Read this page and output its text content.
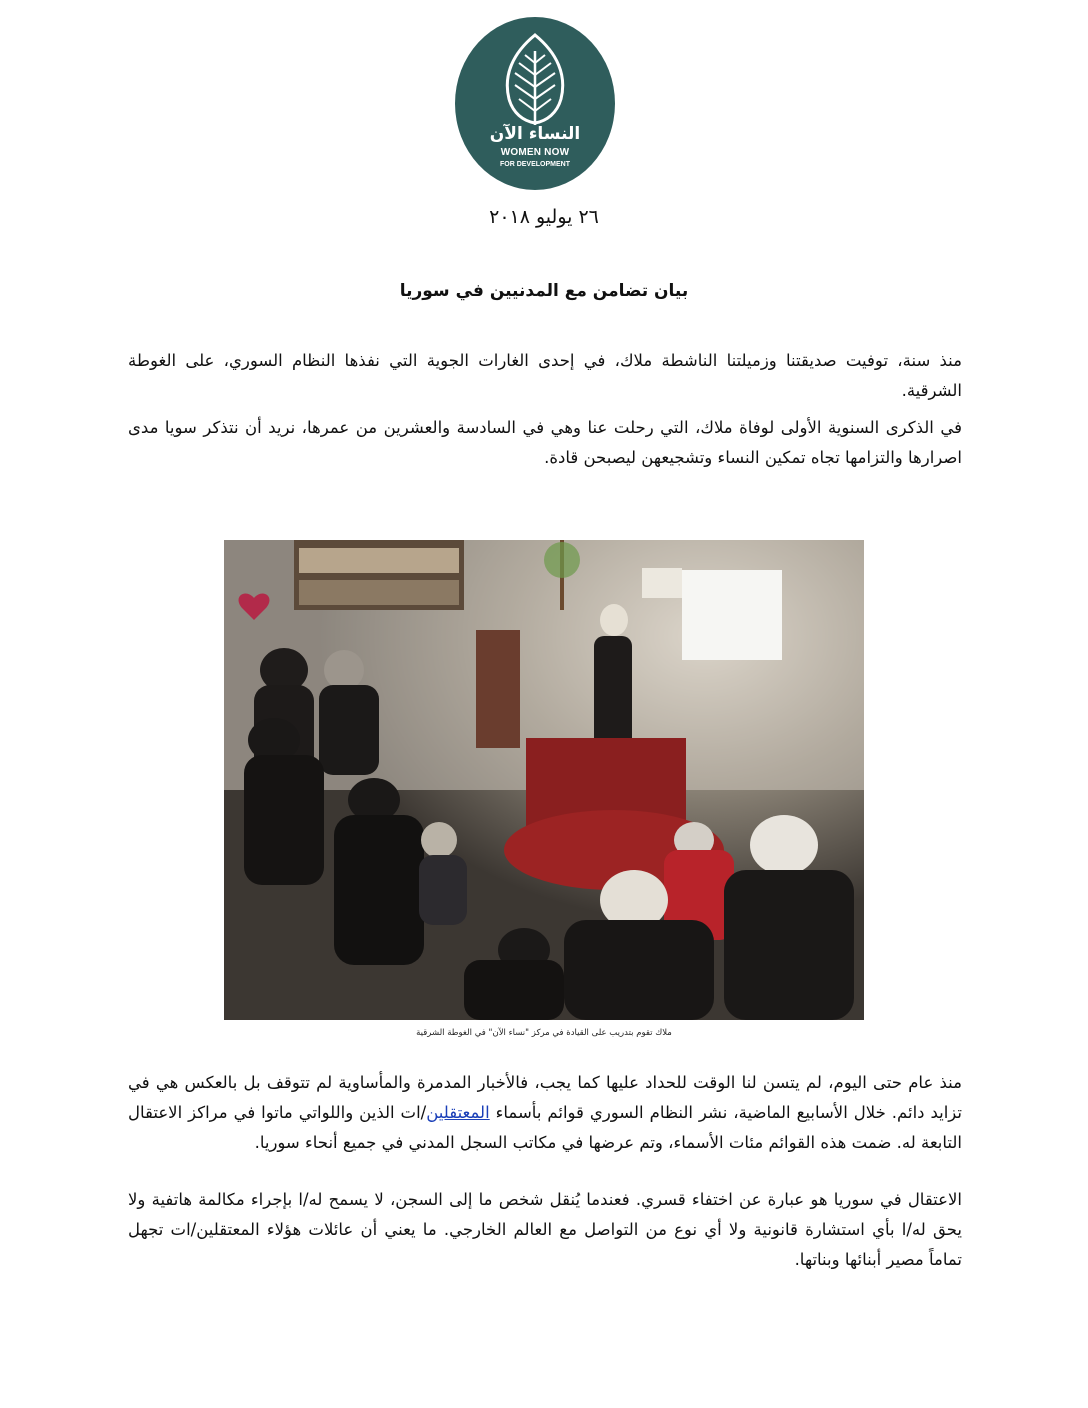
النساء الآن
WOMEN NOW
FOR DEVELOPMENT
٢٦ يوليو ٢٠١٨
بيان تضامن مع المدنيين في سوريا
منذ سنة، توفيت صديقتنا وزميلتنا الناشطة ملاك، في إحدى الغارات الجوية التي نفذها النظام السوري، على الغوطة الشرقية.
في الذكرى السنوية الأولى لوفاة ملاك، التي رحلت عنا وهي في السادسة والعشرين من عمرها، نريد أن نتذكر سويا مدى اصرارها والتزامها تجاه تمكين النساء وتشجيعهن ليصبحن قادة.
ملاك تقوم بتدريب على القيادة في مركز "نساء الآن" في الغوطة الشرقية
منذ عام حتى اليوم، لم يتسن لنا الوقت للحداد عليها كما يجب، فالأخبار المدمرة والمأساوية لم تتوقف بل بالعكس هي في تزايد دائم. خلال الأسابيع الماضية، نشر النظام السوري قوائم بأسماء المعتقلين/ات الذين واللواتي ماتوا في مراكز الاعتقال التابعة له. ضمت هذه القوائم مئات الأسماء، وتم عرضها في مكاتب السجل المدني في جميع أنحاء سوريا.
الاعتقال في سوريا هو عبارة عن اختفاء قسري. فعندما يُنقل شخص ما إلى السجن، لا يسمح له/ا بإجراء مكالمة هاتفية ولا يحق له/ا بأي استشارة قانونية ولا أي نوع من التواصل مع العالم الخارجي. ما يعني أن عائلات هؤلاء المعتقلين/ات تجهل تماماً مصير أبنائها وبناتها.
